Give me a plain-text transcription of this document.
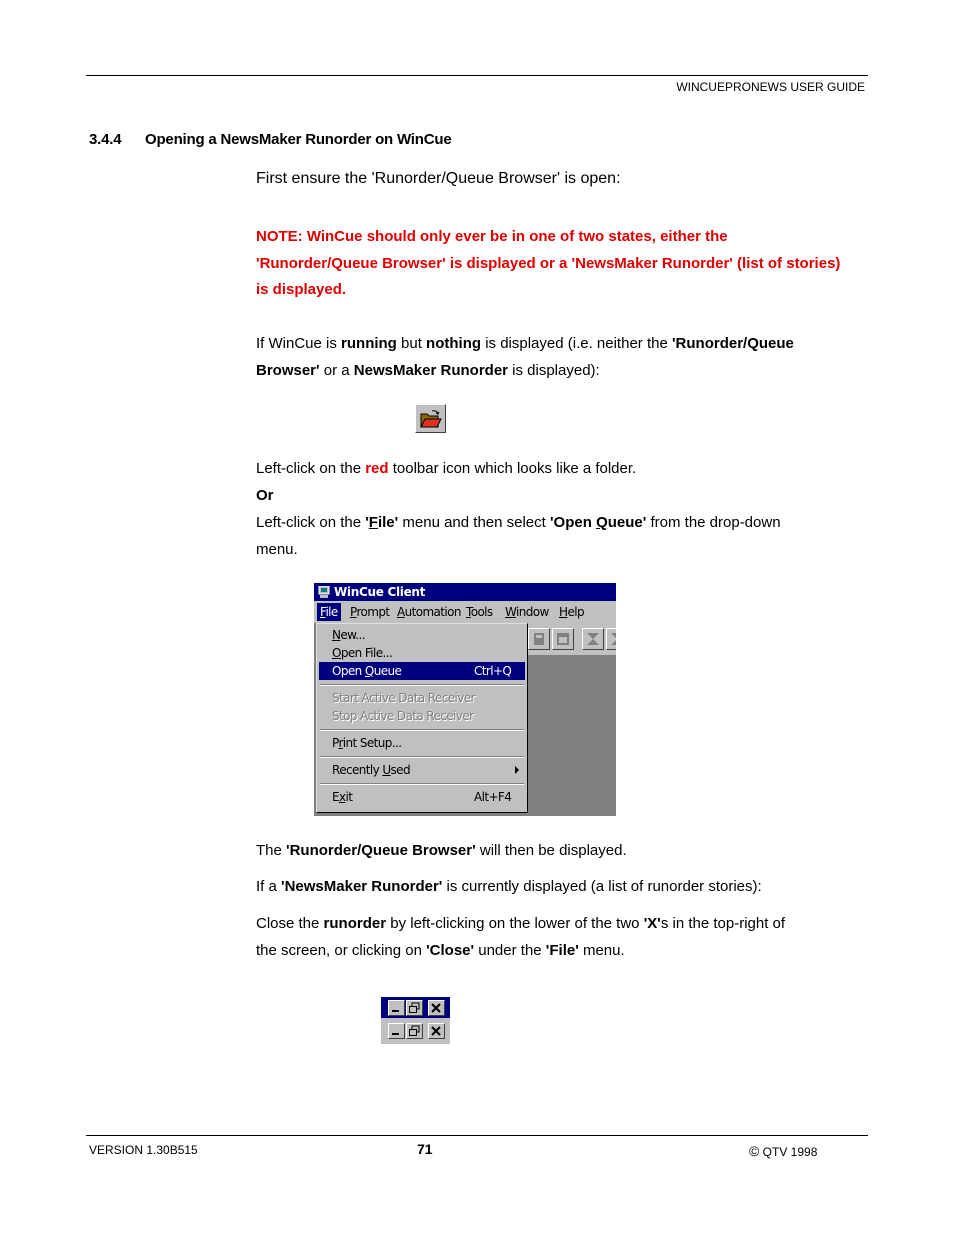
WINCUEPRONEWS USER GUIDE
3.4.4 Opening a NewsMaker Runorder on WinCue
First ensure the 'Runorder/Queue Browser' is open:
NOTE: WinCue should only ever be in one of two states, either the
'Runorder/Queue Browser' is displayed or a 'NewsMaker Runorder' (list of stories)
is displayed.
If WinCue is running but nothing is displayed (i.e. neither the 'Runorder/Queue
Browser' or a NewsMaker Runorder is displayed):
Left-click on the red toolbar icon which looks like a folder.
Or
Left-click on the 'File' menu and then select 'Open Queue' from the drop-down
menu.
WinCue Client
File Prompt Automation Tools Window Help
New...
Open File...
Open Queue	Ctrl+Q
Start Active Data Receiver
Stop Active Data Receiver
Print Setup...
Recently Used
Exit	Alt+F4
The 'Runorder/Queue Browser' will then be displayed.
If a 'NewsMaker Runorder' is currently displayed (a list of runorder stories):
Close the runorder by left-clicking on the lower of the two 'X's in the top-right of
the screen, or clicking on 'Close' under the 'File' menu.
VERSION 1.30B515	71	© QTV 1998
